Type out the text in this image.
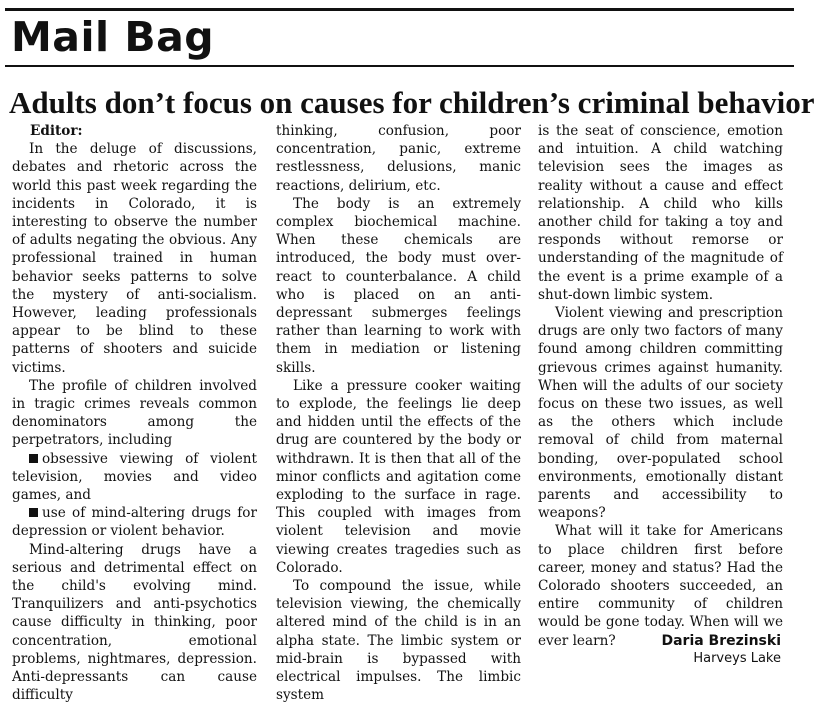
Mail Bag
Adults don’t focus on causes for children’s criminal behavior
Editor:

In the deluge of discussions, debates and rhetoric across the world this past week regarding the incidents in Colorado, it is interesting to observe the number of adults negating the obvious. Any professional trained in human behavior seeks patterns to solve the mystery of anti-socialism. However, leading professionals appear to be blind to these patterns of shooters and suicide victims.

The profile of children involved in tragic crimes reveals common denominators among the perpetrators, including

obsessive viewing of violent television, movies and video games, and

use of mind-altering drugs for depression or violent behavior.

Mind-altering drugs have a serious and detrimental effect on the child's evolving mind. Tranquilizers and anti-psychotics cause difficulty in thinking, poor concentration, emotional problems, nightmares, depression. Anti-depressants can cause difficulty

thinking, confusion, poor concentration, panic, extreme restlessness, delusions, manic reactions, delirium, etc.

The body is an extremely complex biochemical machine. When these chemicals are introduced, the body must over-react to counterbalance. A child who is placed on an anti-depressant submerges feelings rather than learning to work with them in mediation or listening skills.

Like a pressure cooker waiting to explode, the feelings lie deep and hidden until the effects of the drug are countered by the body or withdrawn. It is then that all of the minor conflicts and agitation come exploding to the surface in rage. This coupled with images from violent television and movie viewing creates tragedies such as Colorado.

To compound the issue, while television viewing, the chemically altered mind of the child is in an alpha state. The limbic system or mid-brain is bypassed with electrical impulses. The limbic system

is the seat of conscience, emotion and intuition. A child watching television sees the images as reality without a cause and effect relationship. A child who kills another child for taking a toy and responds without remorse or understanding of the magnitude of the event is a prime example of a shut-down limbic system.

Violent viewing and prescription drugs are only two factors of many found among children committing grievous crimes against humanity. When will the adults of our society focus on these two issues, as well as the others which include removal of child from maternal bonding, over-populated school environments, emotionally distant parents and accessibility to weapons?

What will it take for Americans to place children first before career, money and status? Had the Colorado shooters succeeded, an entire community of children would be gone today. When will we ever learn?	Daria Brezinski
Harveys Lake
